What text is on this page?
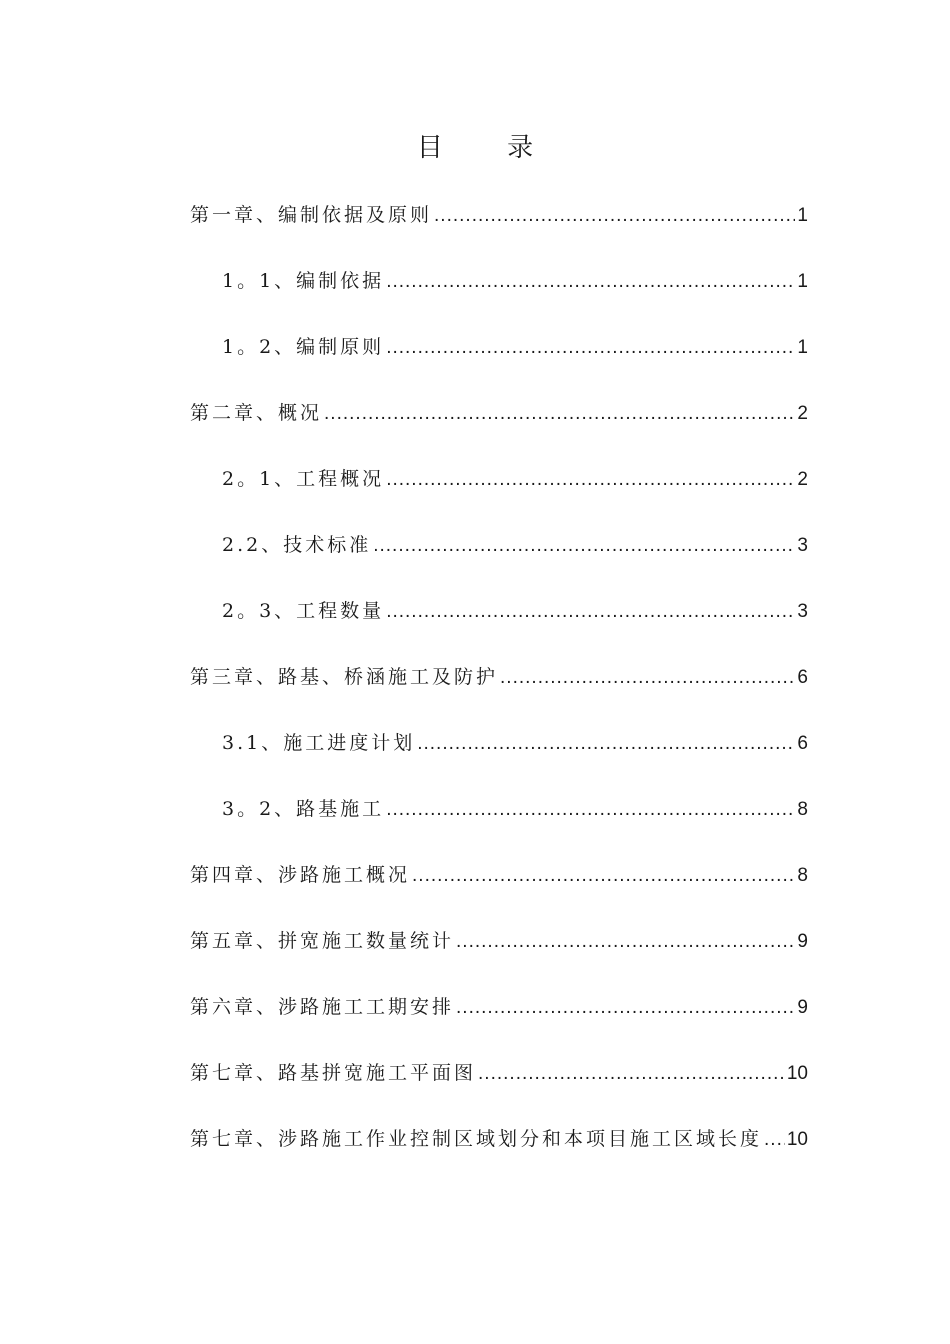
目 录
第一章、编制依据及原则 .....	1
1。1、编制依据 .....	1
1。2、编制原则 .....	1
第二章、概况 .....	2
2。1、工程概况 .....	2
2.2、技术标准 .....	3
2。3、工程数量 .....	3
第三章、路基、桥涵施工及防护 .....	6
3.1、施工进度计划 .....	6
3。2、路基施工 .....	8
第四章、涉路施工概况 .....	8
第五章、拼宽施工数量统计 .....	9
第六章、涉路施工工期安排 .....	9
第七章、路基拼宽施工平面图 .....	10
第七章、涉路施工作业控制区域划分和本项目施工区域长度 ..... 10
